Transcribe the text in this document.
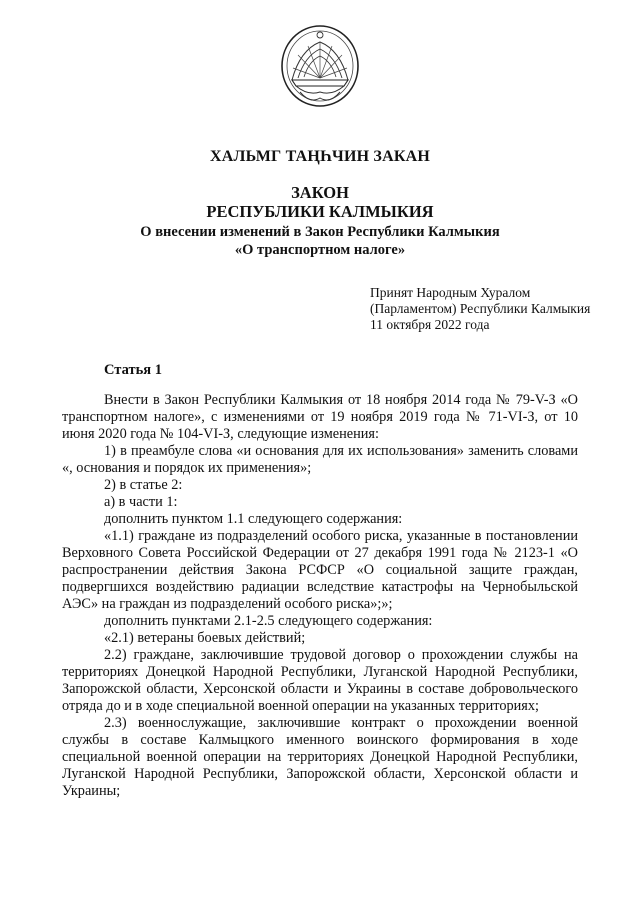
ХАЛЬМГ ТАҢҺЧИН ЗАКАН
ЗАКОН
РЕСПУБЛИКИ КАЛМЫКИЯ
О внесении изменений в Закон Республики Калмыкия
«О транспортном налоге»
Принят Народным Хуралом
(Парламентом) Республики Калмыкия
11 октября 2022 года
Статья 1

Внести в Закон Республики Калмыкия от 18 ноября 2014 года № 79-V-З «О транспортном налоге», с изменениями от 19 ноября 2019 года № 71-VI-З, от 10 июня 2020 года № 104-VI-З, следующие изменения:

1) в преамбуле слова «и основания для их использования» заменить словами «, основания и порядок их применения»;

2) в статье 2:

а) в части 1:

дополнить пунктом 1.1 следующего содержания:

«1.1) граждане из подразделений особого риска, указанные в постановлении Верховного Совета Российской Федерации от 27 декабря 1991 года № 2123-1 «О распространении действия Закона РСФСР «О социальной защите граждан, подвергшихся воздействию радиации вследствие катастрофы на Чернобыльской АЭС» на граждан из подразделений особого риска»;»;

дополнить пунктами 2.1-2.5 следующего содержания:

«2.1) ветераны боевых действий;

2.2) граждане, заключившие трудовой договор о прохождении службы на территориях Донецкой Народной Республики, Луганской Народной Республики, Запорожской области, Херсонской области и Украины в составе добровольческого отряда до и в ходе специальной военной операции на указанных территориях;

2.3) военнослужащие, заключившие контракт о прохождении военной службы в составе Калмыцкого именного воинского формирования в ходе специальной военной операции на территориях Донецкой Народной Республики, Луганской Народной Республики, Запорожской области, Херсонской области и Украины;
